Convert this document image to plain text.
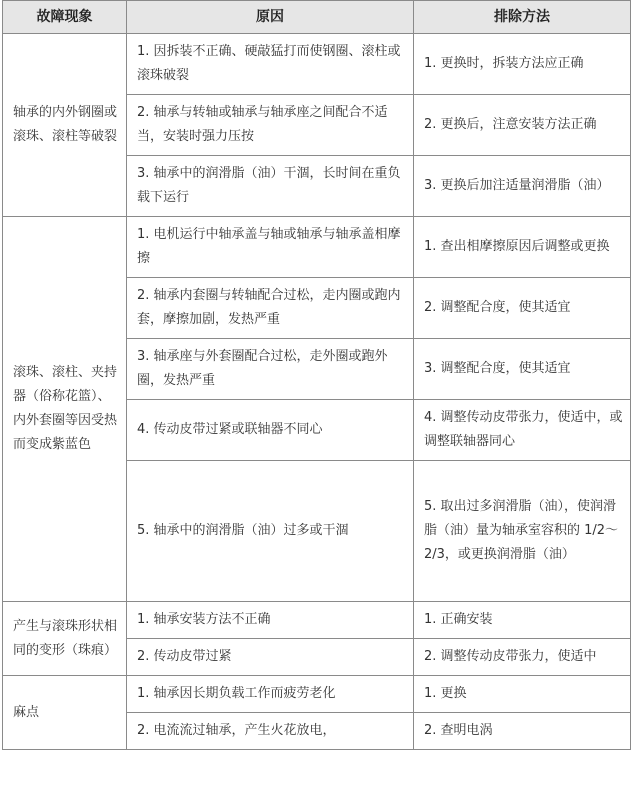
故障现象	原因	排除方法
轴承的内外钢圈或滚珠、滚柱等破裂	1. 因拆装不正确、硬敲猛打而使钢圈、滚柱或滚珠破裂	1. 更换时，拆装方法应正确
	2. 轴承与转轴或轴承与轴承座之间配合不适当，安装时强力压按	2. 更换后，注意安装方法正确
	3. 轴承中的润滑脂（油）干涸，长时间在重负载下运行	3. 更换后加注适量润滑脂（油）
滚珠、滚柱、夹持器（俗称花篮）、内外套圈等因受热而变成紫蓝色	1. 电机运行中轴承盖与轴或轴承与轴承盖相摩擦	1. 查出相摩擦原因后调整或更换
	2. 轴承内套圈与转轴配合过松，走内圈或跑内套，摩擦加剧，发热严重	2. 调整配合度，使其适宜
	3. 轴承座与外套圈配合过松，走外圈或跑外圈，发热严重	3. 调整配合度，使其适宜
	4. 传动皮带过紧或联轴器不同心	4. 调整传动皮带张力，使适中，或调整联轴器同心
	5. 轴承中的润滑脂（油）过多或干涸	5. 取出过多润滑脂（油），使润滑脂（油）量为轴承室容积的 1/2～2/3，或更换润滑脂（油）
产生与滚珠形状相同的变形（珠痕）	1. 轴承安装方法不正确	1. 正确安装
	2. 传动皮带过紧	2. 调整传动皮带张力，使适中
麻点	1. 轴承因长期负载工作而疲劳老化	1. 更换
	2. 电流流过轴承，产生火花放电，	2. 查明电涡
